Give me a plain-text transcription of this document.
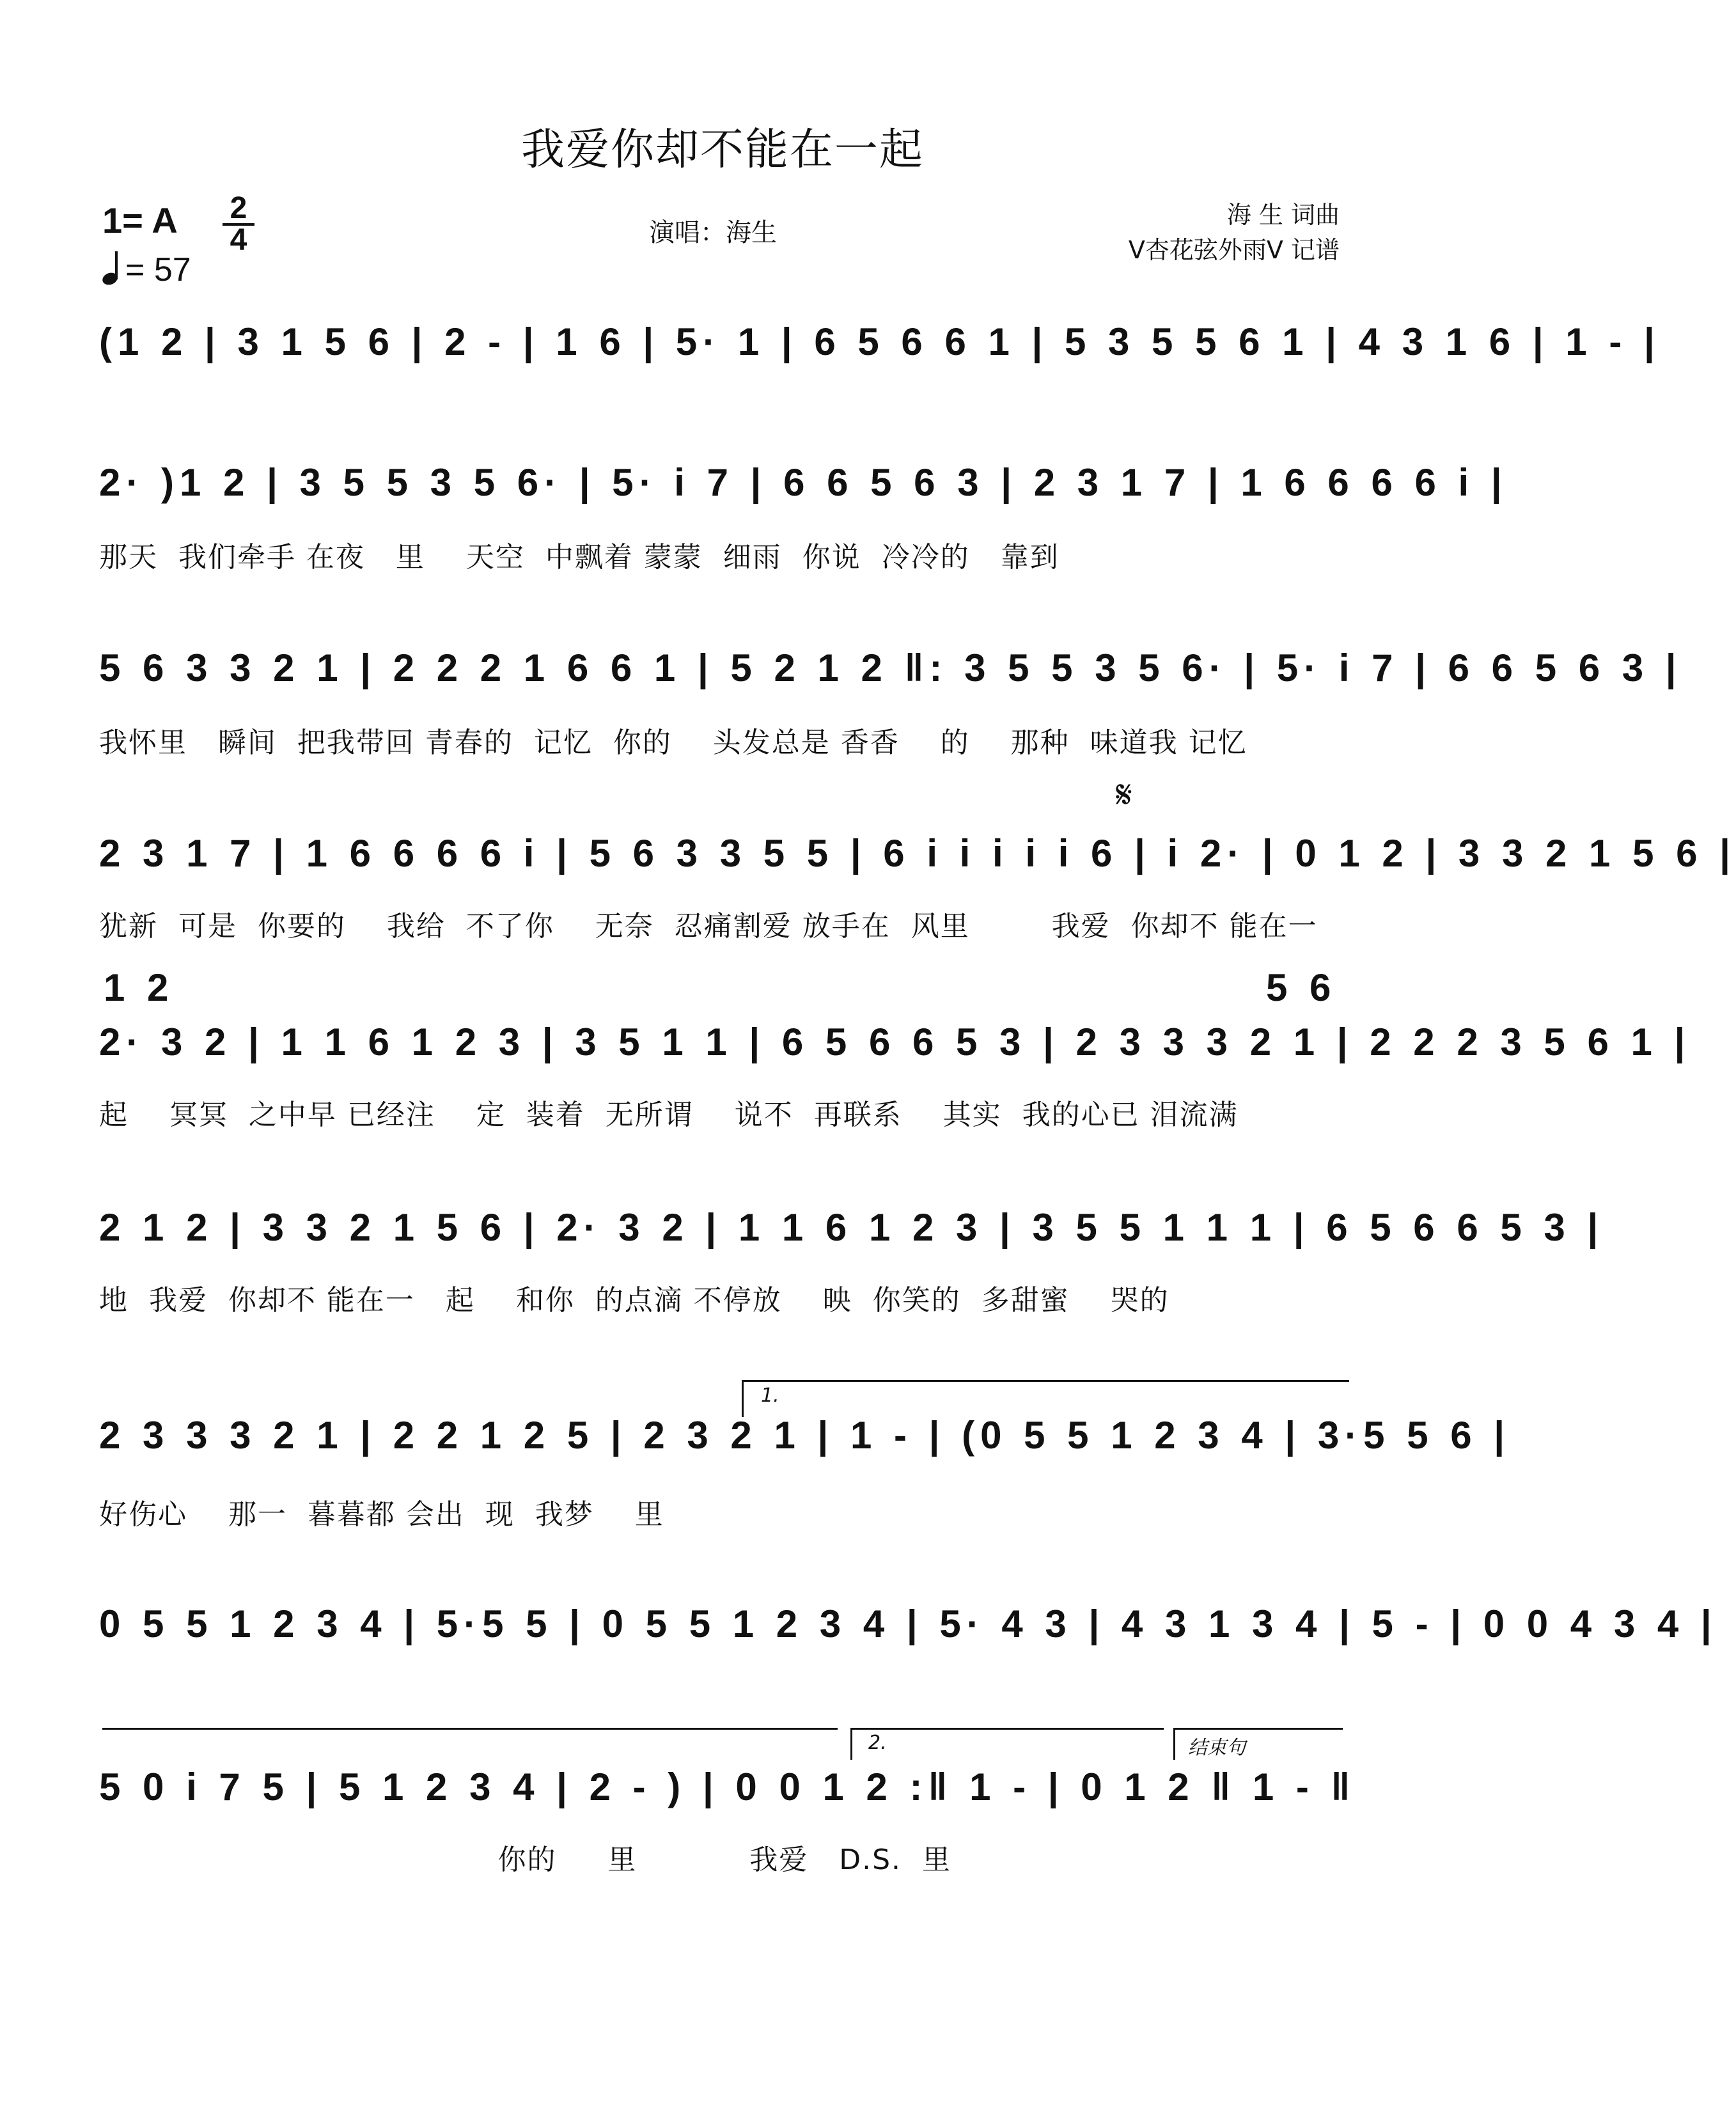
我爱你却不能在一起
1= A 2
4
= 57
演唱：海生
海 生 词曲
V杏花弦外雨V 记谱
(1 2 | 3 1 5 6 | 2 - | 1 6 | 5· 1 | 6 5 6 6 1 | 5 3 5 5 6 1 | 4 3 1 6 | 1 - |
2· )1 2 | 3 5 5 3 5 6· | 5· i 7 | 6 6 5 6 3 | 2 3 1 7 | 1 6 6 6 6 i |
那天  我们牵手 在夜   里    天空  中飘着 蒙蒙  细雨  你说  冷冷的   靠到
5 6 3 3 2 1 | 2 2 2 1 6 6 1 | 5 2 1 2 ‖: 3 5 5 3 5 6· | 5· i 7 | 6 6 5 6 3 |
我怀里   瞬间  把我带回 青春的  记忆  你的    头发总是 香香    的    那种  味道我 记忆
𝄋
2 3 1 7 | 1 6 6 6 6 i | 5 6 3 3 5 5 | 6 i i i i i 6 | i 2· | 0 1 2 | 3 3 2 1 5 6 |
犹新  可是  你要的    我给  不了你    无奈  忍痛割爱 放手在  风里        我爱  你却不 能在一
1 2	5 6
2· 3 2 | 1 1 6 1 2 3 | 3 5 1 1 | 6 5 6 6 5 3 | 2 3 3 3 2 1 | 2 2 2 3 5 6 1 |
起    冥冥  之中早 已经注    定  装着  无所谓    说不  再联系    其实  我的心已 泪流满
2 1 2 | 3 3 2 1 5 6 | 2· 3 2 | 1 1 6 1 2 3 | 3 5 5 1 1 1 | 6 5 6 6 5 3 |
地  我爱  你却不 能在一   起    和你  的点滴 不停放    映  你笑的  多甜蜜    哭的
1.
2 3 3 3 2 1 | 2 2 1 2 5 | 2 3 2 1 | 1 - | (0 5 5 1 2 3 4 | 3·5 5 6 |
好伤心    那一  暮暮都 会出  现  我梦    里
0 5 5 1 2 3 4 | 5·5 5 | 0 5 5 1 2 3 4 | 5· 4 3 | 4 3 1 3 4 | 5 - | 0 0 4 3 4 |
2.	结束句
5 0 i 7 5 | 5 1 2 3 4 | 2 - ) | 0 0 1 2 :‖ 1 - | 0 1 2 ‖ 1 - ‖
你的     里           我爱   D.S.  里
